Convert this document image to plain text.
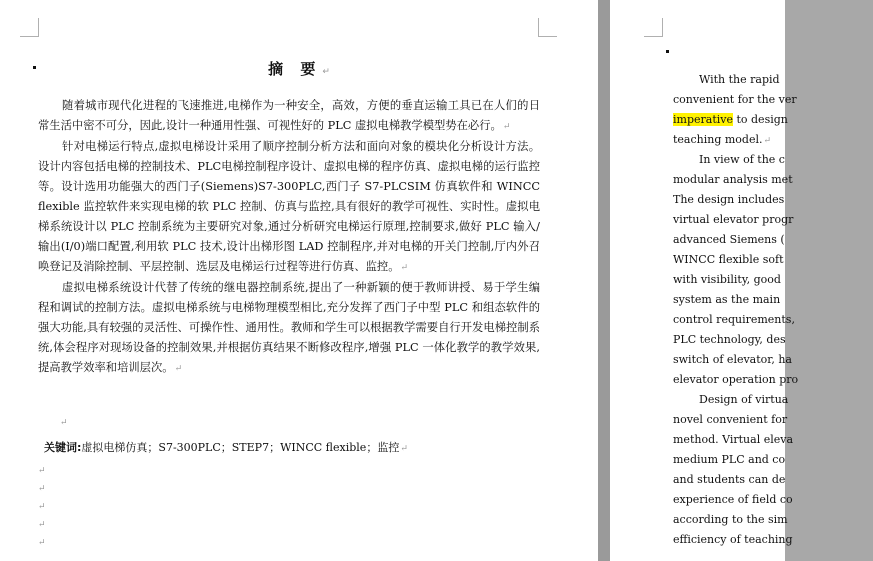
摘 要↵

随着城市现代化进程的飞速推进,电梯作为一种安全，高效，方便的垂直运输工具已在人们的日常生活中密不可分，因此,设计一种通用性强、可视性好的 PLC 虚拟电梯教学模型势在必行。↵

针对电梯运行特点,虚拟电梯设计采用了顺序控制分析方法和面向对象的模块化分析设计方法。设计内容包括电梯的控制技术、PLC电梯控制程序设计、虚拟电梯的程序仿真、虚拟电梯的运行监控等。设计选用功能强大的西门子(Siemens)S7-300PLC,西门子 S7-PLCSIM 仿真软件和 WINCC flexible 监控软件来实现电梯的软 PLC 控制、仿真与监控,具有很好的教学可视性、实时性。虚拟电梯系统设计以 PLC 控制系统为主要研究对象,通过分析研究电梯运行原理,控制要求,做好 PLC 输入/输出(I/0)端口配置,利用软 PLC 技术,设计出梯形图 LAD 控制程序,并对电梯的开关门控制,厅内外召唤登记及消除控制、平层控制、选层及电梯运行过程等进行仿真、监控。↵

虚拟电梯系统设计代替了传统的继电器控制系统,提出了一种新颖的便于教师讲授、易于学生编程和调试的控制方法。虚拟电梯系统与电梯物理模型相比,充分发挥了西门子中型 PLC 和组态软件的强大功能,具有较强的灵活性、可操作性、通用性。教师和学生可以根据教学需要自行开发电梯控制系统,体会程序对现场设备的控制效果,并根据仿真结果不断修改程序,增强 PLC 一体化教学的教学效果,提高教学效率和培训层次。↵

↵
关键词:虚拟电梯仿真；S7-300PLC；STEP7；WINCC flexible；监控↵
↵
↵
↵
↵
↵
With the rapid
convenient for the ver
imperative to design
teaching model.↵
In view of the c
modular analysis met
The design includes
virtual elevator progr
advanced Siemens (
WINCC flexible soft
with visibility, good
system as the main
control requirements,
PLC technology, des
switch of elevator, ha
elevator operation pro
Design of virtua
novel convenient for
method. Virtual eleva
medium PLC and co
and students can de
experience of field co
according to the sim
efficiency of teaching
